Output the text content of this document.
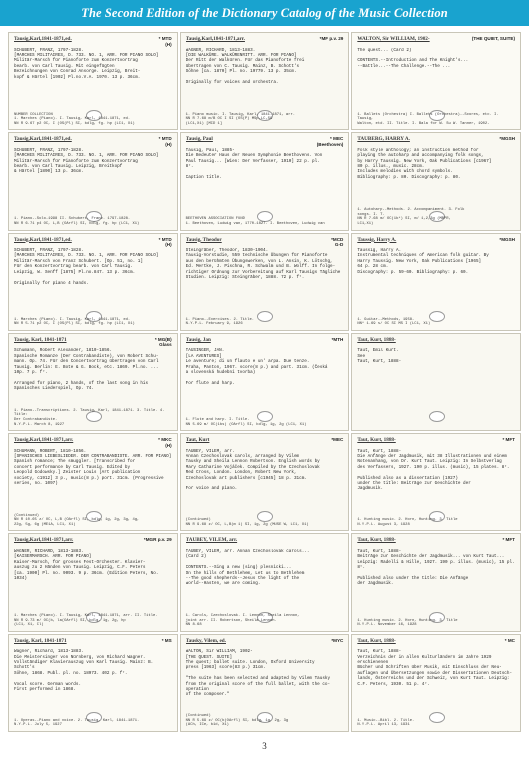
The Second Edition of the Dictionary Catalog of the Music Collection
Tausig,Karl,1841-1871,ed.	* MTD
(H)
SCHUBERT, FRANZ, 1797-1828.
[MARCHES MILITAIRES, D. 733. NO. 1, ARR. FOR PIANO SOLO]
Militär-Marsch für Pianoforte zum Konzertvortrag
bearb. von Carl Tausig. Mit eingefügten
Bezeichnungen von Conrad Ansorge. Leipzig, Breit-
kopf & Härtel [1902] Pl.no.V.A. 1970. 13 p. 36cm.
NUMBER COLLECTION
1. Marches (Piano). I. Tausig, Karl, 1841-1871, ed.
NN R 9.67 p2 OC, I (OS(Pl) SI, bdlg, fg. hp (LC1, X1)
Tausig,Karl,1841-1871,arr.	*MF p.v. 29
WAGNER, RICHARD, 1813-1883.
[DIE WALKÜRE. WALKÜRENRITT. ARR. FOR PIANO]
Der Ritt der Walküren. Für das Pianoforte frei
übertragen von C. Tausig. Mainz, B. Schott's
Söhne [ca. 1870] Pl. no. 19779. 13 p. 35cm.

Originally for voices and orchestra.
1. Piano music. I. Tausig, Karl, 1841-1871, arr.
NN R 7.68 m/B OC I SI (OS(P) MSp,LC,SG
(LC1,X1) [MID 1]
WALTON, Sir WILLIAM, 1902-	(THE QUIET, SUITE)
The quest... (Card 2)

CONTENTS.--Introduction and The Knight's...
--Battle...--The Challenge.--The ...
1. Ballets (Orchestra) I. Ballets (Orchestra)--Scores, etc. I. Tausig,
Walton, etd. II. Title. I. Bala for W. Su W. Tanner, 1902-
Tausig,Karl,1841-1871,ed.	* MTD
(H)
SCHUBERT, FRANZ, 1797-1828.
[MARCHES MILITAIRES, D. 733. NO. 1, ARR. FOR PIANO SOLO]
Militär-Marsch für Pianoforte zum Konzertvortrag
bearb. von Carl Tausig. Leipzig, Breitkopf
& Härtel [1890] 13 p. 36cm.
1. Piano--Solo-1998 II. Schubert, Franz. 1797-1828.
NN R 6.71 p4 OC, L,B (OArfl) SI, bdlg, fg. hp (LC1, X1)
Tausig, Paul	* MEC
(Beethoven)
Tausig, Paul, 1885-
Die Bedeuter Haus der Neuen Symphonie Beethovens. Von
Paul Tausig... [Wien: Der Verfasser, 1910] 22 p. pl.
8°.

Caption title.
BEETHOVEN ASSOCIATION FUND
1. Beethoven, Ludwig van, 1770-1827. I. Beethoven, Ludwig van
TAUBERG, HARRY A.	*MGSH
Folk style anthology; an instruction method for
playing the autoharp and accompanying folk songs,
by Harry Taussig. New York, Oak Publications [c1967]
80 p. illus., music. 28cm.
Includes melodies with chord symbols.
Bibliography: p. 80. Discography: p. 80.
1. Autoharp--Methods. 2. Accompaniment. 3. Folk
songs. I. T.
NN R 7.68 m/ OC(1b*) SI, m/ 1,2,3g (MBPR,
LC1,X1)
Tausig,Karl,1841-1871,ed.	* MTD
(H)
SCHUBERT, FRANZ, 1797-1828.
[MARCHES MILITAIRES, D. 733. NO. 1, ARR. FOR PIANO SOLO]
Militär-Marsch von Franz Schubert. [Op. 51, no. 1]
Für den Konzertvortrag bearb. von Carl Tausig.
Leipzig, W. Senff [1875] Pl.no.847. 13 p. 36cm.

Originally for piano 4 hands.
1. Marches (Piano). I. Tausig, Karl, 1841-1871, ed.
NN R 5.71 p2 OC, I (OS(Pl) SI, bdlg, fg. hp (LC1, X1)
Tausig, Theodor	*MCD
G-D
Steingräber, Theodor, 1830-1904.
Tausig-Vorstudie, 559 technische Übungen für Pianoforte
aus den berühmten Übungswerken, von L. Ansin, K. Lötschg,
Ed. Mertke, J. Pischna, R. Schwalm und B. Wolff. In folge-
richtiger Ordnung zur Vorbereitung auf Karl Tausigs Tägliche
Studien. Leipzig: Steingräber, 1888. 72 p. f°.
1. Piano--Exercises. 2. Title.
N.Y.P.L. February 9, 1926
Taussig, Harry A.	*MGSH
Taussig, Harry A.
Instrumental techniques of American folk guitar. By
Harry Taussig. New York, Oak Publications [1965]
64 p. 28 cm.
Discography: p. 59-60. Bibliography: p. 60.
1. Guitar--Methods, 1958-
NN* 1.69 s/ OC SI MS I (LC1, X1)
Tausig, Karl, 1841-1871	* MG(B)
Glass
Schumann, Robert Alexander, 1810-1856.
Spanische Romanze (Der Contrabandiste), von Robert Schu-
mann. Op. 74. Für den Concertvortrag übertragen von Carl
Tausig. Berlin: E. Bote & G. Bock, etc. 1869. Pl.no. ...
10p. 7 p. f°.

Arranged for piano, 2 hands, of the last song in his Spanisches Liederspiel, Op. 74.
1. Piano--Transcriptions. 2. Tausig, Karl, 1841-1871. 3. Title. 4. Title:
Der Contrabandiste.
N.Y.P.L. March 8, 1927
Tausig, Jan	*MTH
TAUSINGER, JAN.
[LA AVENTURES]
Le aventure; di un flauto e un' arpa. Due tenze.
Praha, Panton, 1967. score(8 p.) and part. 31cm. (Česká
a slovenská hudební tvorba)

For flute and harp.
1. Flute and harp. I. Title.
NN 5.69 m/ OC(1bs) (OArfl) SI, bdlg, 1g, 2g (LC1, X1)
Taut, Kurt, 1888-
Taut, Emil Kurt.
See
Taut, Kurt, 1888-
Tausig,Karl,1841-1871,arr.	* MKC
(H)
SCHUMANN, ROBERT, 1810-1856.
[SPANISCHES LIEBESLIEDER. DER CONTRABANDISTE. ARR. FOR PIANO]
Spanish romance; The smuggler. [Transcribed for
concert performance by Carl Tausig. Edited by
Leopold Godowsky.] Zeister Louis [Art publication
society, c1912] 3 p., music(8 p.) port. 31cm. (Progressive
series, no. 1097)
(Continued)
NN R 10.65 z/ OC, L,B (OArfl) SI, bdlg, 1g, 2g, 3g, 4g,
22g, 5g, 6g (ME1A, LC1, X1)
Taut, Kurt	*MEC
TAUBEY, VILEM, arr.
Annan Czechoslovak carols, arranged by Vilem
Tausky and Sheila Lennon Robertson. English words by
Mary Catharine Vojáček. Compiled by the Czechoslovak
Red Cross, London. London, Robert New York,
Czechoslovak art publishers [c1945] 18 p. 31cm.

For voice and piano.
(Continued)
NN R 9.68 z/ OC, L,B(m 1) SI, 1g, 2g (MUSE W, LC1, X1)
Taut, Kurt, 1888-	* MFT
Taut, Kurt, 1888-
Die Anfänge der Jagdmusik, mit 38 Illustrationen und einem
Notenanhang, von Dr. Kurt Taut. Leipzig: In Selbstverlag
des Verfassers, 1927. 190 p. illus. (music), 15 plates. 8°.

Published also as a dissertation (1927)
under the title: Beiträge zur Geschichte der
Jagdmusik.
1. Hunting music. 2. Horn, Hunting. 3. Title
N.Y.P.L. August 3, 1928
Tausig,Karl,1841-1871,arr.	*MGR p.v. 29
WAGNER, RICHARD, 1813-1883.
[KAISERMARSCH. ARR. FOR PIANO]
Kaiser-Marsch, für grosses Fest-Orchester. Klavier-
auszug zu 2 Händen von Tausig. Leipzig, C.F. Peters
[ca. 1900] Pl. no. 9093. 9 p. 36cm. (Edition Peters, No. 1034)
1. Marches (Piano). I. Tausig, Karl, 1841-1871, arr. II. Title.
NN R 9.73 m/ OC(b, la(OArfl) SI, bdlg, 1g, 2g, hp
(LC1, X1, Cl)
TAUBEY, VILEM, arr.
TAUBEY, VILEM, arr. Annan Czechoslovak carols...
(Card 2)

CONTENTS.--Sing a new (sing) plesnicki...
On the hills of Bethlehem, Let us to Bethlehem
--The good shepherds--Jesus the light of the
world--Hasten, we are coming.
1. Carols, Czechoslovak. I. Lennon, Sheila Lennon,
joint arr. II. Robertson, Sheila Lennon.
NN 8.68
Taut, Kurt, 1888-	* MFT
Taut, Kurt, 1888-
Beiträge zur Geschichte der Jagdmusik... von Kurt Taut...
Leipzig: Radelli & Hille, 1927. 190 p. illus. (music), 15 pl.
8°.

Published also under the title: Die Anfänge
der Jagdmusik.
1. Hunting music. 2. Horn, Hunting. 3. Title
N.Y.P.L. November 16, 1928
Tausig, Karl, 1841-1871	* MS
Wagner, Richard, 1813-1883.
Die Meistersinger von Nürnberg, von Richard Wagner.
Vollständiger Klavierauszug von Karl Tausig. Mainz: B. Schott's
Söhne, 1868. Publ. pl. no. 18973. 402 p. f°.

Vocal score. German words.
First performed in 1868.
1. Operas--Piano and voice. 2. Tausig, Karl, 1841-1871.
N.Y.P.L. July 5, 1927
Tausky, Vilem, ed.	*MYC
WALTON, Sir WILLIAM, 1902-
[THE QUEST. SUITE]
The quest; ballet suite. London, Oxford University
press [1963] score(83 p.) 31cm.

"The suite has been selected and adapted by Vilem Tausky
from the original score of the full ballet, with the co-operation
of the composer."
(Continued)
NN R 5.69 z/ OC(b(OArfl) SI, bdlg, 1g, 2g, 3g
(ACh, ICe, b1d, X1)
Taut, Kurt, 1888-	* MC
Taut, Kurt, 1888-
Verzeichnis der in allen Kulturländern im Jahre 1929 erschienenen
Bücher und Schriften über Musik, mit Einschluss der Neu-
auflagen und Übersetzungen sowie der Dissertationen Deutsch-
lands, Österreichs und der Schweiz, von Kurt Taut. Leipzig:
C.F. Peters, 1930. 51 p. 4°.
1. Music--Bibl. 2. Title.
N.Y.P.L. April 13, 1931
3
